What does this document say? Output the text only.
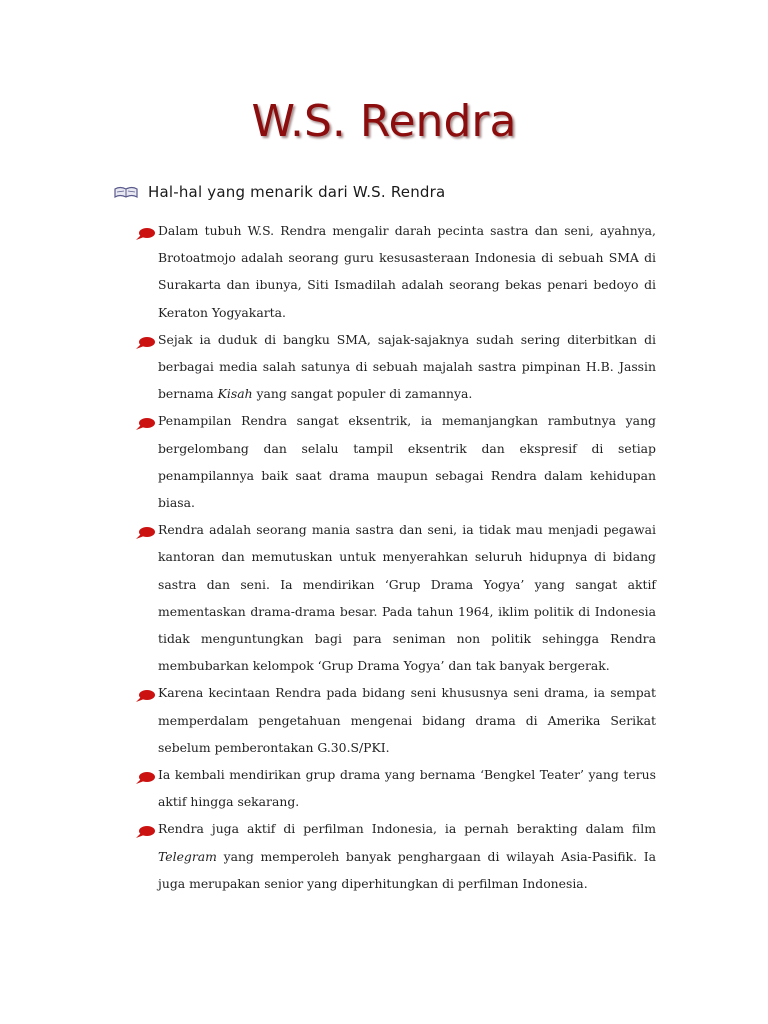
W.S. Rendra
Hal-hal yang menarik dari W.S. Rendra
Dalam tubuh W.S. Rendra mengalir darah pecinta sastra dan seni, ayahnya, Brotoatmojo adalah seorang guru kesusasteraan Indonesia di sebuah SMA di Surakarta dan ibunya, Siti Ismadilah adalah seorang bekas penari bedoyo di Keraton Yogyakarta.
Sejak ia duduk di bangku SMA, sajak-sajaknya sudah sering diterbitkan di berbagai media salah satunya di sebuah majalah sastra pimpinan H.B. Jassin bernama Kisah yang sangat populer di zamannya.
Penampilan Rendra sangat eksentrik, ia memanjangkan rambutnya yang bergelombang dan selalu tampil eksentrik dan ekspresif di setiap penampilannya baik saat drama maupun sebagai Rendra dalam kehidupan biasa.
Rendra adalah seorang mania sastra dan seni, ia tidak mau menjadi pegawai kantoran dan memutuskan untuk menyerahkan seluruh hidupnya di bidang sastra dan seni. Ia mendirikan ‘Grup Drama Yogya’ yang sangat aktif mementaskan drama-drama besar. Pada tahun 1964, iklim politik di Indonesia tidak menguntungkan bagi para seniman non politik sehingga Rendra membubarkan kelompok ‘Grup Drama Yogya’ dan tak banyak bergerak.
Karena kecintaan Rendra pada bidang seni khususnya seni drama, ia sempat memperdalam pengetahuan mengenai bidang drama di Amerika Serikat sebelum pemberontakan G.30.S/PKI.
Ia kembali mendirikan grup drama yang bernama ‘Bengkel Teater’ yang terus aktif hingga sekarang.
Rendra juga aktif di perfilman Indonesia, ia pernah berakting dalam film Telegram yang memperoleh banyak penghargaan di wilayah Asia-Pasifik. Ia juga merupakan senior yang diperhitungkan di perfilman Indonesia.
